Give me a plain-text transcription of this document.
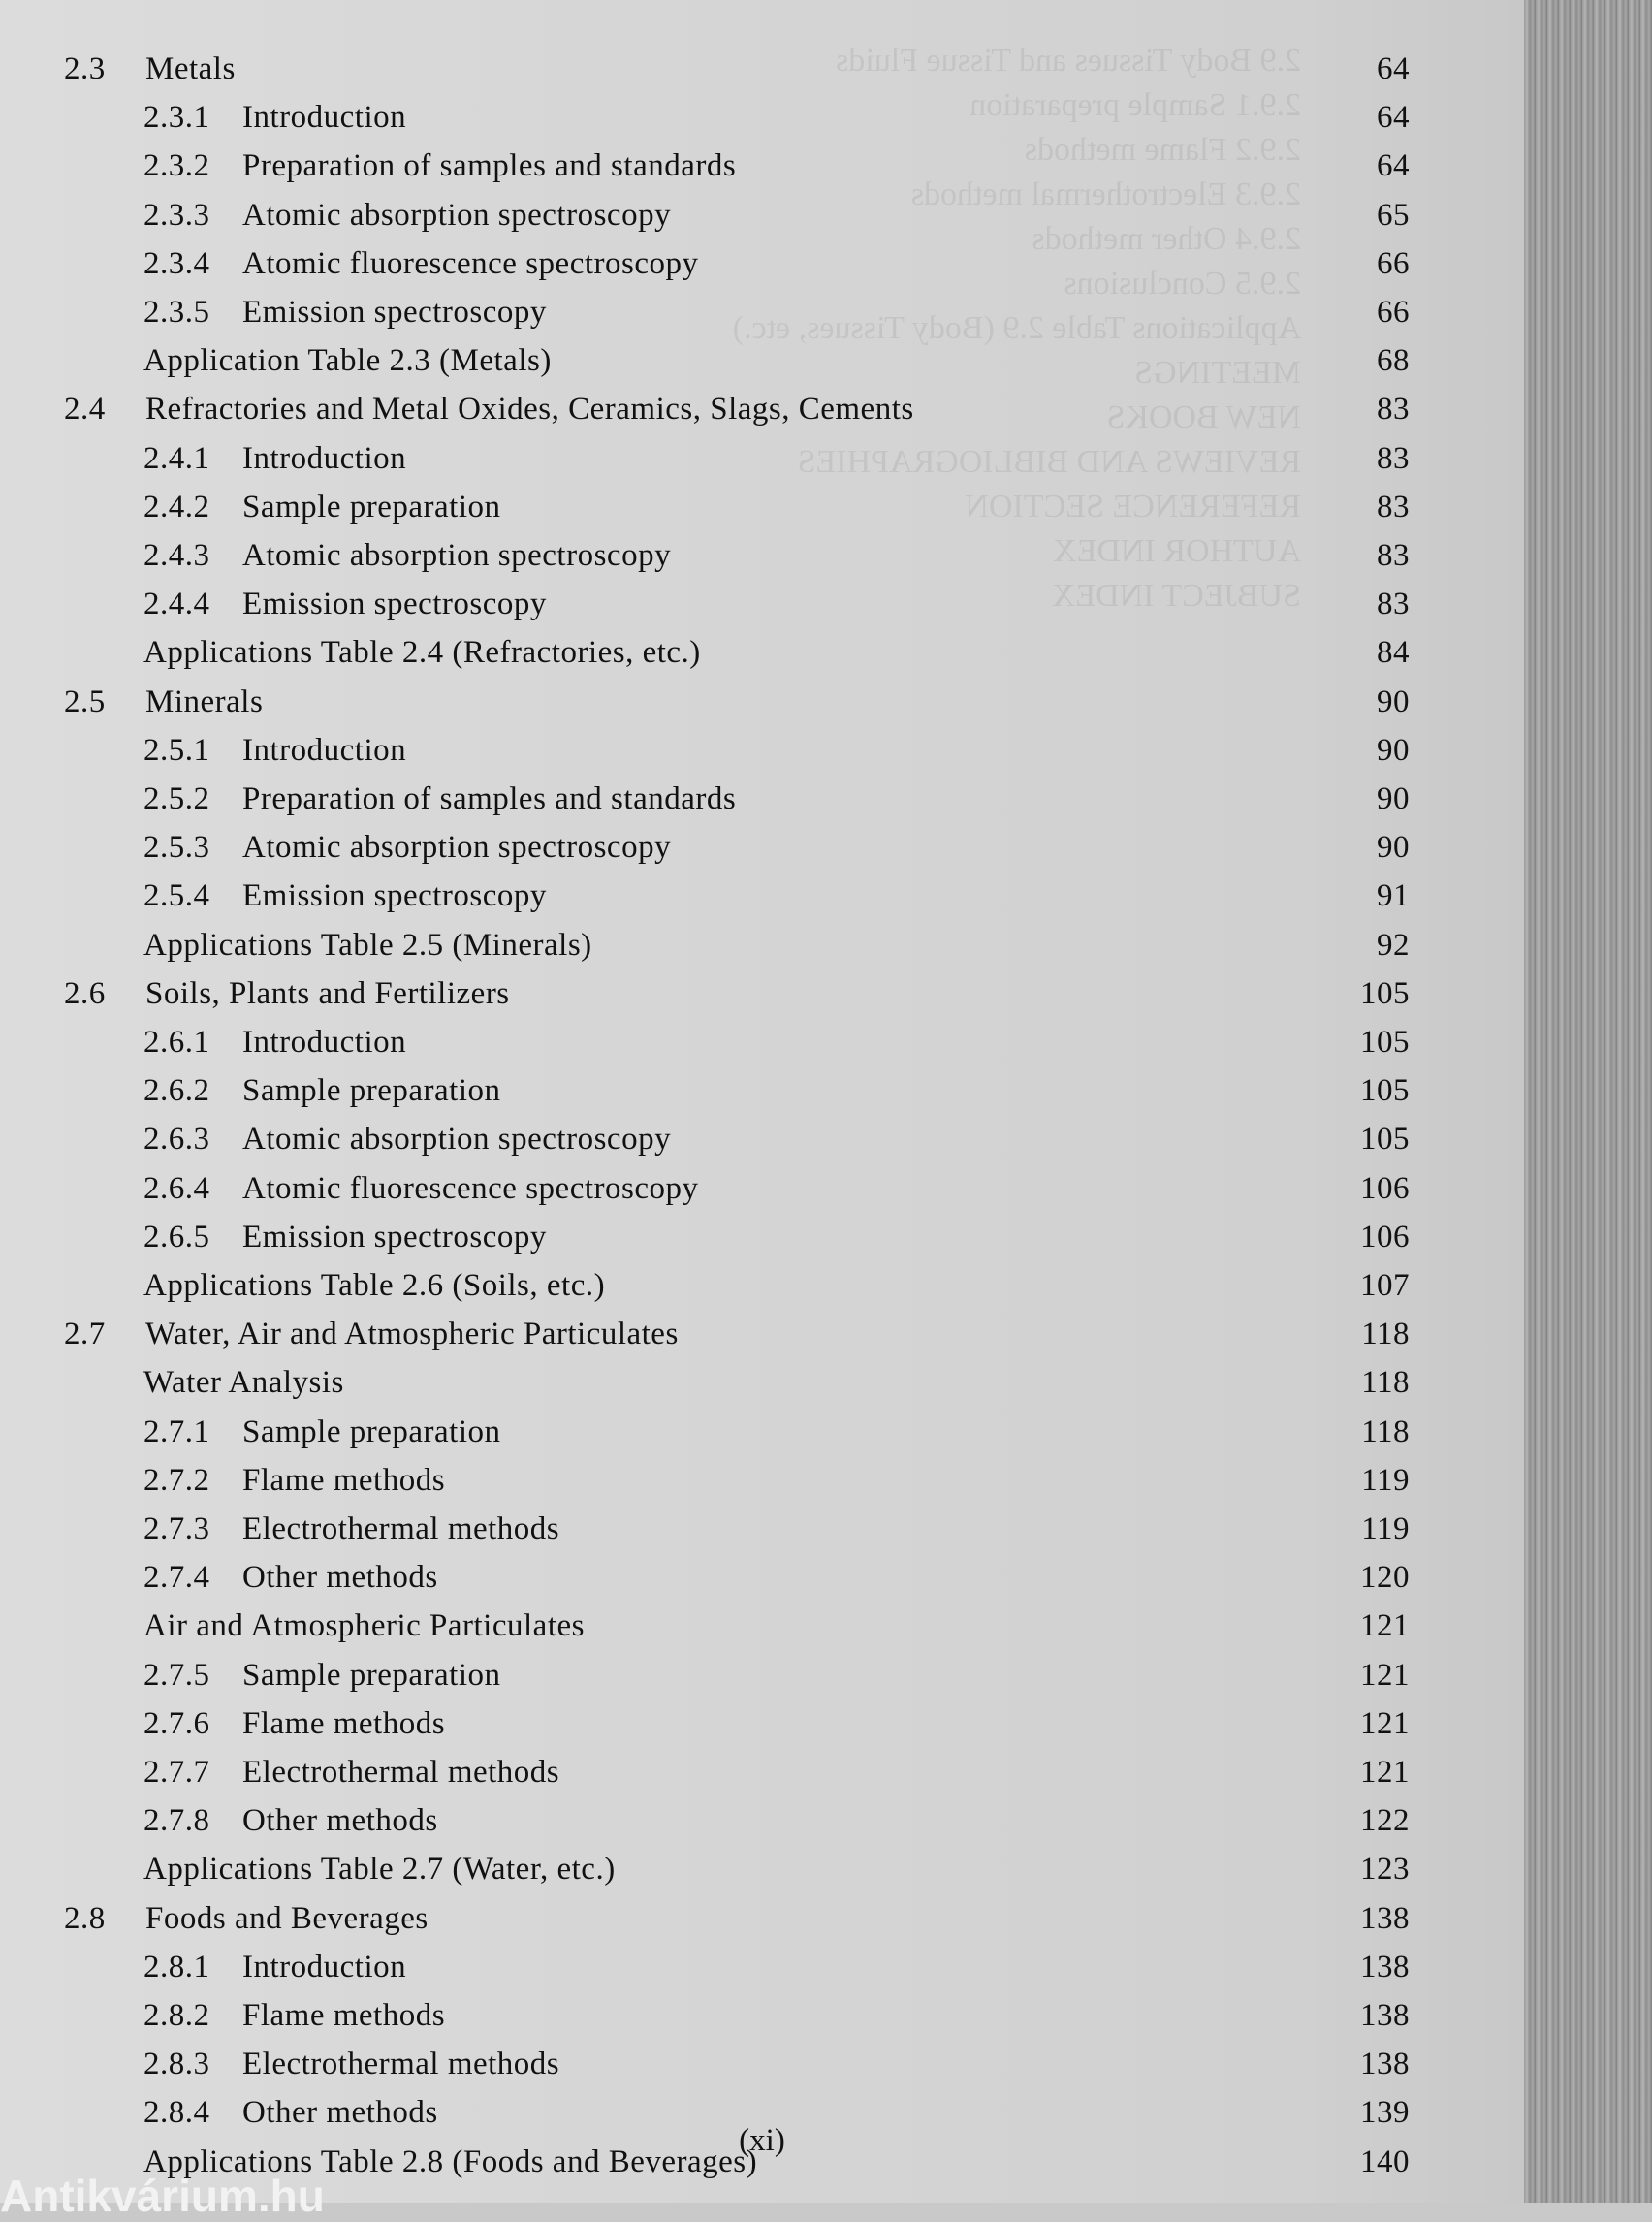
2.9 Body Tissues and Tissue Fluids
2.9.1 Sample preparation
2.9.2 Flame methods
2.9.3 Electrothermal methods
2.9.4 Other methods
2.9.5 Conclusions
Applications Table 2.9 (Body Tissues, etc.)
MEETINGS
NEW BOOKS
REVIEWS AND BIBLIOGRAPHIES
REFERENCE SECTION
AUTHOR INDEX
SUBJECT INDEX
2.3 Metals	64
2.3.1 Introduction	64
2.3.2 Preparation of samples and standards	64
2.3.3 Atomic absorption spectroscopy	65
2.3.4 Atomic fluorescence spectroscopy	66
2.3.5 Emission spectroscopy	66
Application Table 2.3 (Metals)	68
2.4 Refractories and Metal Oxides, Ceramics, Slags, Cements	83
2.4.1 Introduction	83
2.4.2 Sample preparation	83
2.4.3 Atomic absorption spectroscopy	83
2.4.4 Emission spectroscopy	83
Applications Table 2.4 (Refractories, etc.)	84
2.5 Minerals	90
2.5.1 Introduction	90
2.5.2 Preparation of samples and standards	90
2.5.3 Atomic absorption spectroscopy	90
2.5.4 Emission spectroscopy	91
Applications Table 2.5 (Minerals)	92
2.6 Soils, Plants and Fertilizers	105
2.6.1 Introduction	105
2.6.2 Sample preparation	105
2.6.3 Atomic absorption spectroscopy	105
2.6.4 Atomic fluorescence spectroscopy	106
2.6.5 Emission spectroscopy	106
Applications Table 2.6 (Soils, etc.)	107
2.7 Water, Air and Atmospheric Particulates	118
Water Analysis	118
2.7.1 Sample preparation	118
2.7.2 Flame methods	119
2.7.3 Electrothermal methods	119
2.7.4 Other methods	120
Air and Atmospheric Particulates	121
2.7.5 Sample preparation	121
2.7.6 Flame methods	121
2.7.7 Electrothermal methods	121
2.7.8 Other methods	122
Applications Table 2.7 (Water, etc.)	123
2.8 Foods and Beverages	138
2.8.1 Introduction	138
2.8.2 Flame methods	138
2.8.3 Electrothermal methods	138
2.8.4 Other methods	139
Applications Table 2.8 (Foods and Beverages)	140
(xi)
Antikvárium.hu
